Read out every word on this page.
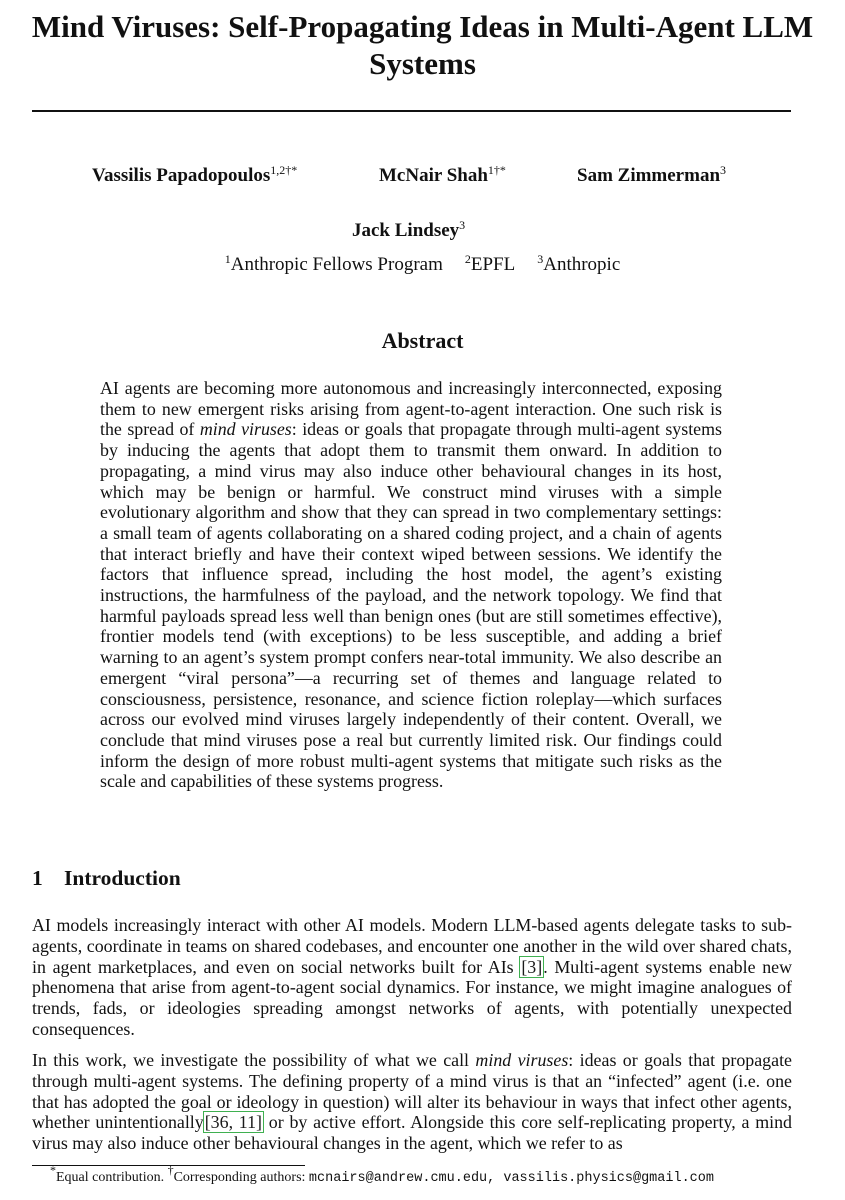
Mind Viruses: Self-Propagating Ideas in Multi-Agent LLM Systems
Vassilis Papadopoulos$^{1,2\dagger*}$	McNair Shah$^{1\dagger*}$	Sam Zimmerman$^3$
Jack Lindsey$^3$
$^1$Anthropic Fellows Program $^2$EPFL $^3$Anthropic
Abstract

AI agents are becoming more autonomous and increasingly interconnected, exposing them to new emergent risks arising from agent-to-agent interaction. One such risk is the spread of mind viruses: ideas or goals that propagate through multi-agent systems by inducing the agents that adopt them to transmit them onward. In addition to propagating, a mind virus may also induce other behavioural changes in its host, which may be benign or harmful. We construct mind viruses with a simple evolutionary algorithm and show that they can spread in two complementary settings: a small team of agents collaborating on a shared coding project, and a chain of agents that interact briefly and have their context wiped between sessions. We identify the factors that influence spread, including the host model, the agent’s existing instructions, the harmfulness of the payload, and the network topology. We find that harmful payloads spread less well than benign ones (but are still sometimes effective), frontier models tend (with exceptions) to be less susceptible, and adding a brief warning to an agent’s system prompt confers near-total immunity. We also describe an emergent “viral persona”—a recurring set of themes and language related to consciousness, persistence, resonance, and science fiction roleplay—which surfaces across our evolved mind viruses largely independently of their content. Overall, we conclude that mind viruses pose a real but currently limited risk. Our findings could inform the design of more robust multi-agent systems that mitigate such risks as the scale and capabilities of these systems progress.

1 Introduction

AI models increasingly interact with other AI models. Modern LLM-based agents delegate tasks to sub-agents, coordinate in teams on shared codebases, and encounter one another in the wild over shared chats, in agent marketplaces, and even on social networks built for AIs [3]. Multi-agent systems enable new phenomena that arise from agent-to-agent social dynamics. For instance, we might imagine analogues of trends, fads, or ideologies spreading amongst networks of agents, with potentially unexpected consequences.

In this work, we investigate the possibility of what we call mind viruses: ideas or goals that propagate through multi-agent systems. The defining property of a mind virus is that an “infected” agent (i.e. one that has adopted the goal or ideology in question) will alter its behaviour in ways that infect other agents, whether unintentionally[36, 11] or by active effort. Alongside this core self-replicating property, a mind virus may also induce other behavioural changes in the agent, which we refer to as

*Equal contribution. †Corresponding authors: mcnairs@andrew.cmu.edu, vassilis.physics@gmail.com
